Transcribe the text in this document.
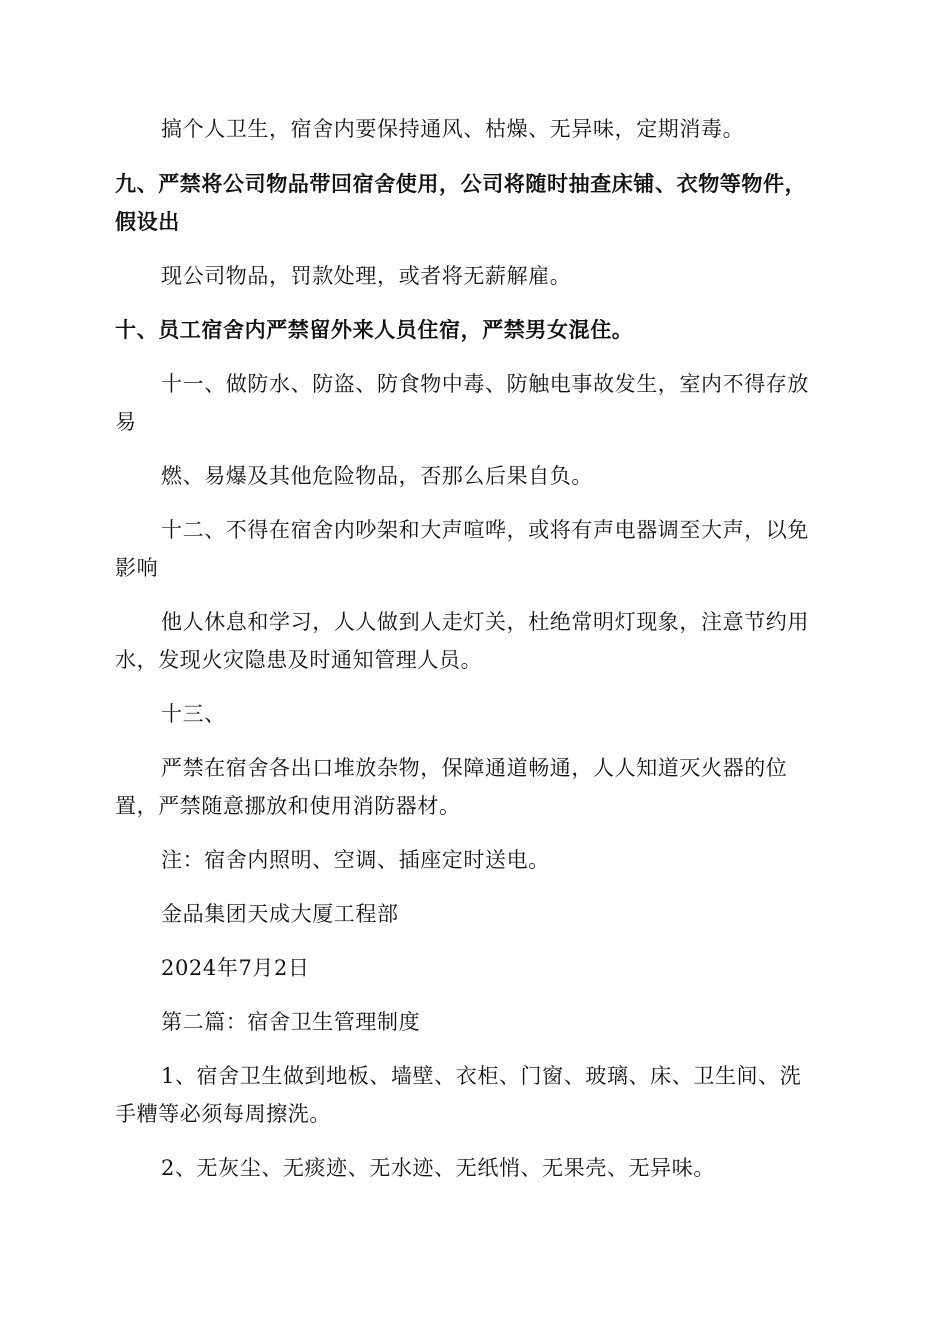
搞个人卫生，宿舍内要保持通风、枯燥、无异味，定期消毒。
九、严禁将公司物品带回宿舍使用，公司将随时抽查床铺、衣物等物件，
假设出
现公司物品，罚款处理，或者将无薪解雇。
十、员工宿舍内严禁留外来人员住宿，严禁男女混住。
十一、做防水、防盗、防食物中毒、防触电事故发生，室内不得存放
易
燃、易爆及其他危险物品，否那么后果自负。
十二、不得在宿舍内吵架和大声喧哗，或将有声电器调至大声，以免
影响
他人休息和学习，人人做到人走灯关，杜绝常明灯现象，注意节约用
水，发现火灾隐患及时通知管理人员。
十三、
严禁在宿舍各出口堆放杂物，保障通道畅通，人人知道灭火器的位
置，严禁随意挪放和使用消防器材。
注：宿舍内照明、空调、插座定时送电。
金品集团天成大厦工程部
2024年7月2日
第二篇：宿舍卫生管理制度
1、宿舍卫生做到地板、墙壁、衣柜、门窗、玻璃、床、卫生间、洗
手糟等必须每周擦洗。
2、无灰尘、无痰迹、无水迹、无纸悄、无果壳、无异味。
